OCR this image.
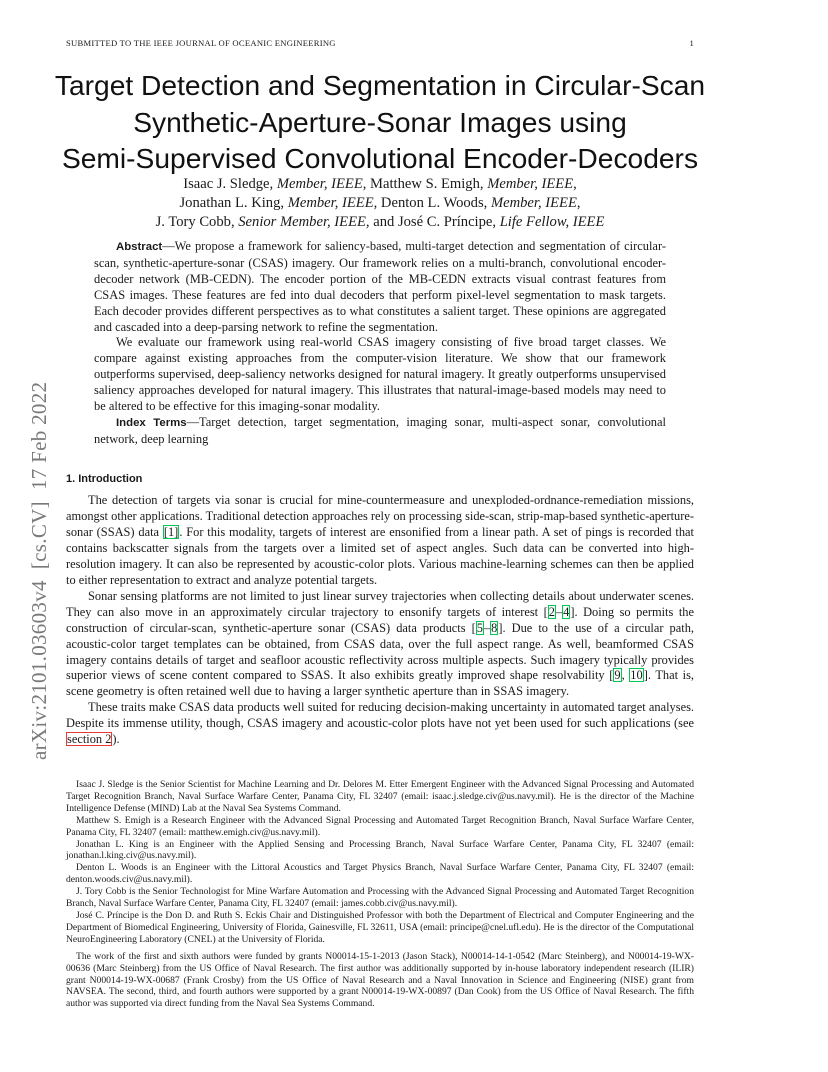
SUBMITTED TO THE IEEE JOURNAL OF OCEANIC ENGINEERING	1
arXiv:2101.03603v4  [cs.CV]  17 Feb 2022
Target Detection and Segmentation in Circular-Scan
Synthetic-Aperture-Sonar Images using
Semi-Supervised Convolutional Encoder-Decoders
Isaac J. Sledge, Member, IEEE, Matthew S. Emigh, Member, IEEE,
Jonathan L. King, Member, IEEE, Denton L. Woods, Member, IEEE,
J. Tory Cobb, Senior Member, IEEE, and José C. Príncipe, Life Fellow, IEEE

Abstract—We propose a framework for saliency-based, multi-target detection and segmentation of circular-scan, synthetic-aperture-sonar (CSAS) imagery. Our framework relies on a multi-branch, convolutional encoder-decoder network (MB-CEDN). The encoder portion of the MB-CEDN extracts visual contrast features from CSAS images. These features are fed into dual decoders that perform pixel-level segmentation to mask targets. Each decoder provides different perspectives as to what constitutes a salient target. These opinions are aggregated and cascaded into a deep-parsing network to refine the segmentation.

We evaluate our framework using real-world CSAS imagery consisting of five broad target classes. We compare against existing approaches from the computer-vision literature. We show that our framework outperforms supervised, deep-saliency networks designed for natural imagery. It greatly outperforms unsupervised saliency approaches developed for natural imagery. This illustrates that natural-image-based models may need to be altered to be effective for this imaging-sonar modality.

Index Terms—Target detection, target segmentation, imaging sonar, multi-aspect sonar, convolutional network, deep learning

1. Introduction

The detection of targets via sonar is crucial for mine-countermeasure and unexploded-ordnance-remediation missions, amongst other applications. Traditional detection approaches rely on processing side-scan, strip-map-based synthetic-aperture-sonar (SSAS) data [1]. For this modality, targets of interest are ensonified from a linear path. A set of pings is recorded that contains backscatter signals from the targets over a limited set of aspect angles. Such data can be converted into high-resolution imagery. It can also be represented by acoustic-color plots. Various machine-learning schemes can then be applied to either representation to extract and analyze potential targets.

Sonar sensing platforms are not limited to just linear survey trajectories when collecting details about underwater scenes. They can also move in an approximately circular trajectory to ensonify targets of interest [2–4]. Doing so permits the construction of circular-scan, synthetic-aperture sonar (CSAS) data products [5–8]. Due to the use of a circular path, acoustic-color target templates can be obtained, from CSAS data, over the full aspect range. As well, beamformed CSAS imagery contains details of target and seafloor acoustic reflectivity across multiple aspects. Such imagery typically provides superior views of scene content compared to SSAS. It also exhibits greatly improved shape resolvability [9, 10]. That is, scene geometry is often retained well due to having a larger synthetic aperture than in SSAS imagery.

These traits make CSAS data products well suited for reducing decision-making uncertainty in automated target analyses. Despite its immense utility, though, CSAS imagery and acoustic-color plots have not yet been used for such applications (see section 2).

Isaac J. Sledge is the Senior Scientist for Machine Learning and Dr. Delores M. Etter Emergent Engineer with the Advanced Signal Processing and Automated Target Recognition Branch, Naval Surface Warfare Center, Panama City, FL 32407 (email: isaac.j.sledge.civ@us.navy.mil). He is the director of the Machine Intelligence Defense (MIND) Lab at the Naval Sea Systems Command.

Matthew S. Emigh is a Research Engineer with the Advanced Signal Processing and Automated Target Recognition Branch, Naval Surface Warfare Center, Panama City, FL 32407 (email: matthew.emigh.civ@us.navy.mil).

Jonathan L. King is an Engineer with the Applied Sensing and Processing Branch, Naval Surface Warfare Center, Panama City, FL 32407 (email: jonathan.l.king.civ@us.navy.mil).

Denton L. Woods is an Engineer with the Littoral Acoustics and Target Physics Branch, Naval Surface Warfare Center, Panama City, FL 32407 (email: denton.woods.civ@us.navy.mil).

J. Tory Cobb is the Senior Technologist for Mine Warfare Automation and Processing with the Advanced Signal Processing and Automated Target Recognition Branch, Naval Surface Warfare Center, Panama City, FL 32407 (email: james.cobb.civ@us.navy.mil).

José C. Príncipe is the Don D. and Ruth S. Eckis Chair and Distinguished Professor with both the Department of Electrical and Computer Engineering and the Department of Biomedical Engineering, University of Florida, Gainesville, FL 32611, USA (email: principe@cnel.ufl.edu). He is the director of the Computational NeuroEngineering Laboratory (CNEL) at the University of Florida.

The work of the first and sixth authors were funded by grants N00014-15-1-2013 (Jason Stack), N00014-14-1-0542 (Marc Steinberg), and N00014-19-WX-00636 (Marc Steinberg) from the US Office of Naval Research. The first author was additionally supported by in-house laboratory independent research (ILIR) grant N00014-19-WX-00687 (Frank Crosby) from the US Office of Naval Research and a Naval Innovation in Science and Engineering (NISE) grant from NAVSEA. The second, third, and fourth authors were supported by a grant N00014-19-WX-00897 (Dan Cook) from the US Office of Naval Research. The fifth author was supported via direct funding from the Naval Sea Systems Command.
